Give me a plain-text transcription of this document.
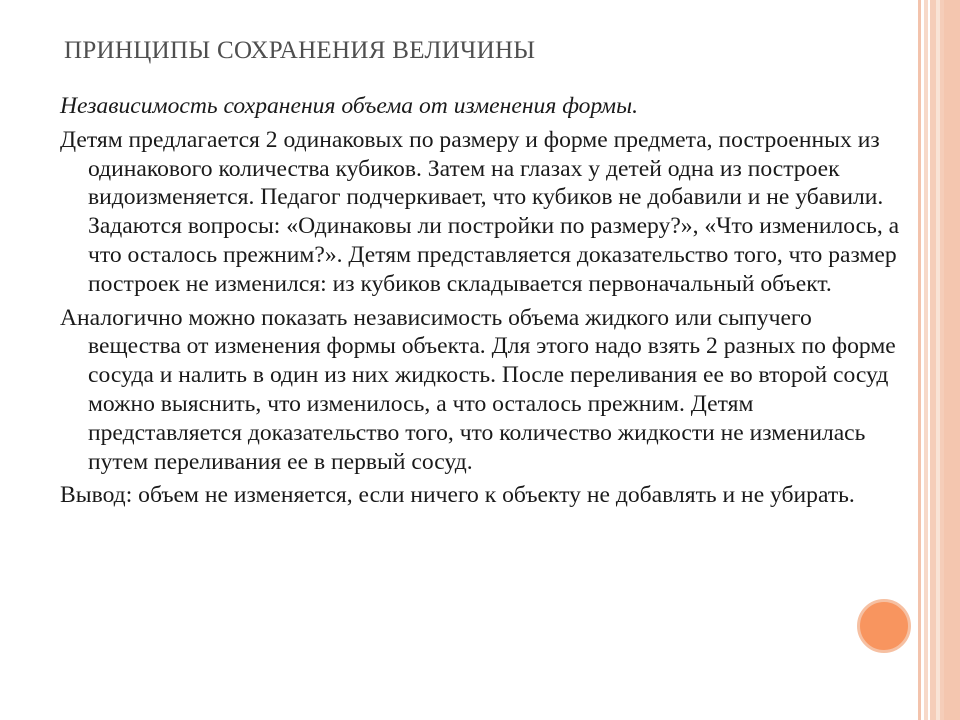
ПРИНЦИПЫ СОХРАНЕНИЯ ВЕЛИЧИНЫ

Независимость сохранения объема от изменения формы.

Детям предлагается 2 одинаковых по размеру и форме предмета, построенных из одинакового количества кубиков. Затем на глазах у детей одна из построек видоизменяется. Педагог подчеркивает, что кубиков не добавили и не убавили. Задаются вопросы: «Одинаковы ли постройки по размеру?», «Что изменилось, а что осталось прежним?». Детям представляется доказательство того, что размер построек не изменился: из кубиков складывается первоначальный объект.

Аналогично можно показать независимость объема жидкого или сыпучего вещества от изменения формы объекта. Для этого надо взять 2 разных по форме сосуда и налить в один из них жидкость. После переливания ее во второй сосуд можно выяснить, что изменилось, а что осталось прежним. Детям представляется доказательство того, что количество жидкости не изменилась путем переливания ее в первый сосуд.

Вывод: объем не изменяется, если ничего к объекту не добавлять и не убирать.
